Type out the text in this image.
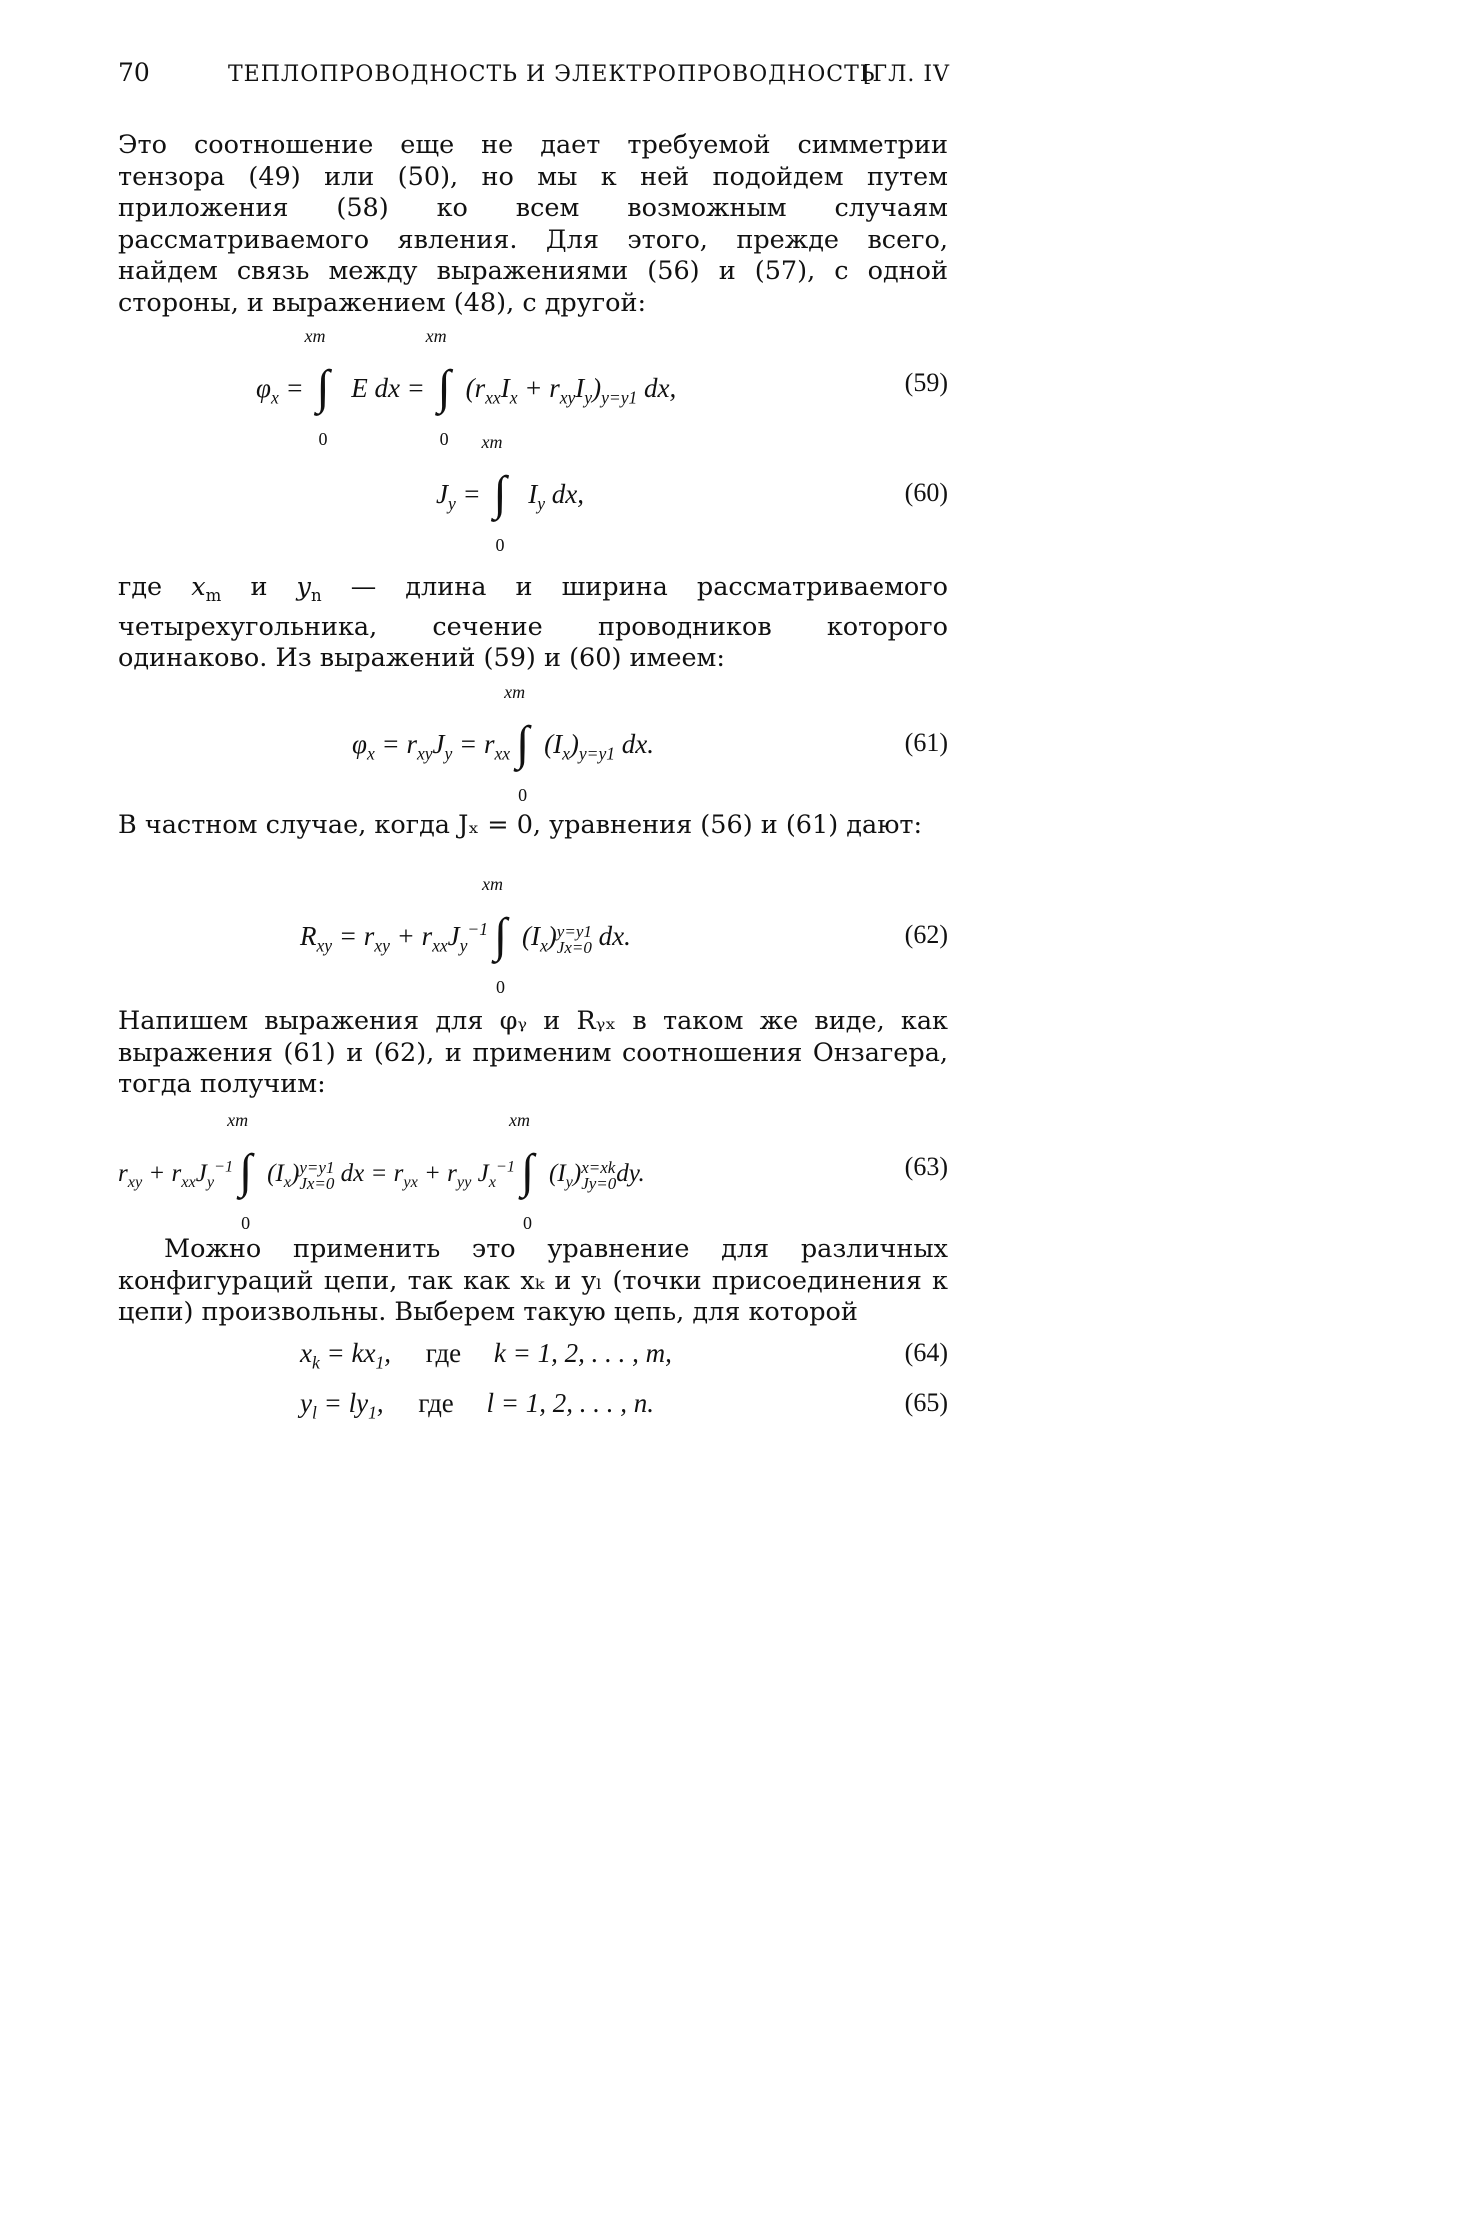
70	ТЕПЛОПРОВОДНОСТЬ И ЭЛЕКТРОПРОВОДНОСТЬ
[ГЛ. IV
Это соотношение еще не дает требуемой симметрии тензора (49) или (50), но мы к ней подойдем путем приложения (58) ко всем возможным случаям рассматриваемого явления. Для этого, прежде всего, найдем связь между выражениями (56) и (57), с одной стороны, и выражением (48), с другой:
$\varphi_x$ =
xm
∫
0
E dx =
xm
∫
0
$(r_{xx}I_x + r_{xy}I_y)_{y=y1}$ dx,	(59)
$J_y$ =
xm
∫
0
$I_y$ dx,	(60)
где $x_m$ и $y_n$ — длина и ширина рассматриваемого четырехугольника, сечение проводников которого одинаково. Из выражений (59) и (60) имеем:
$\varphi_x = r_{xy}J_y = r_{xx}$
xm
∫
0
$(I_x)_{y=y1}$ dx.	(61)
В частном случае, когда Jₓ = 0, уравнения (56) и (61) дают:
$R_{xy} = r_{xy} + r_{xx}J_y^{-1}$
xm
∫
0
$(I_x)y=y1$
Jx=0 dx.	(62)
Напишем выражения для φᵧ и Rᵧₓ в таком же виде, как выражения (61) и (62), и применим соотношения Онзагера, тогда получим:
$r_{xy} + r_{xx}J_y^{-1}$
xm
∫
0
$(I_x)y=y1$
Jx=0 dx = $r_{yx} + r_{yy}$ $J_x^{-1}$
xm
∫
0
$(I_y)x=xk$
Jy=0dy.	(63)
Можно применить это уравнение для различных конфигураций цепи, так как xₖ и yₗ (точки присоединения к цепи) произвольны. Выберем такую цепь, для которой
$x_k = kx_1$, где k = 1, 2, . . . , m,	(64)
$y_l = ly_1$, где l = 1, 2, . . . , n.	(65)
